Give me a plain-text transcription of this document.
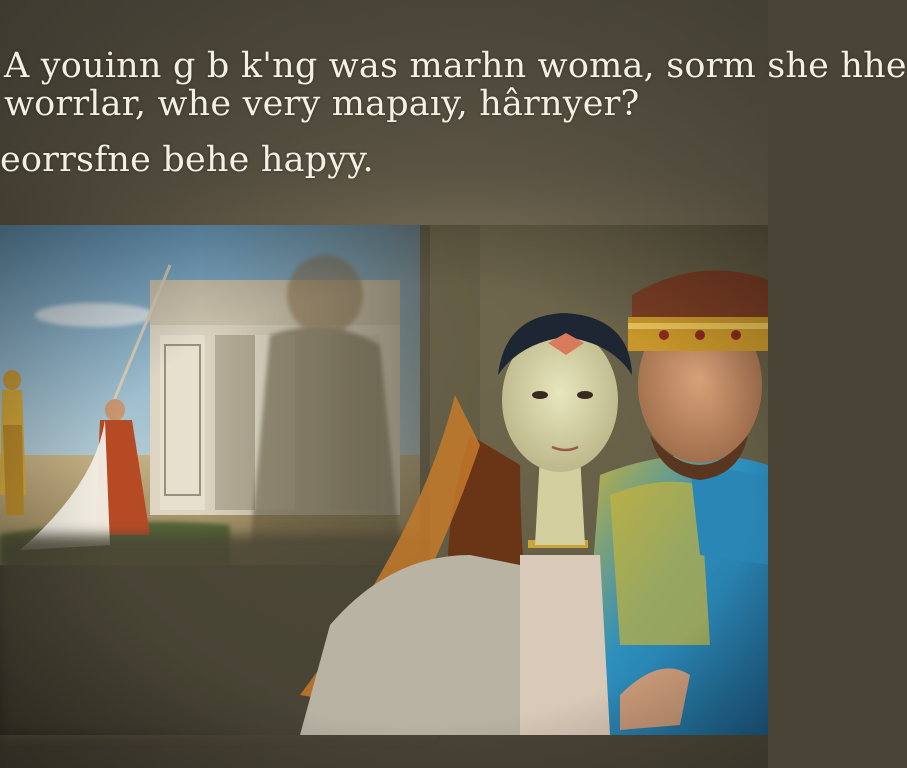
A youinn g b k'ng was marhn woma, sorm she hhe

worrlar, whe very mapaıy, hârnyer?

eorrsfne behe hapyy.
